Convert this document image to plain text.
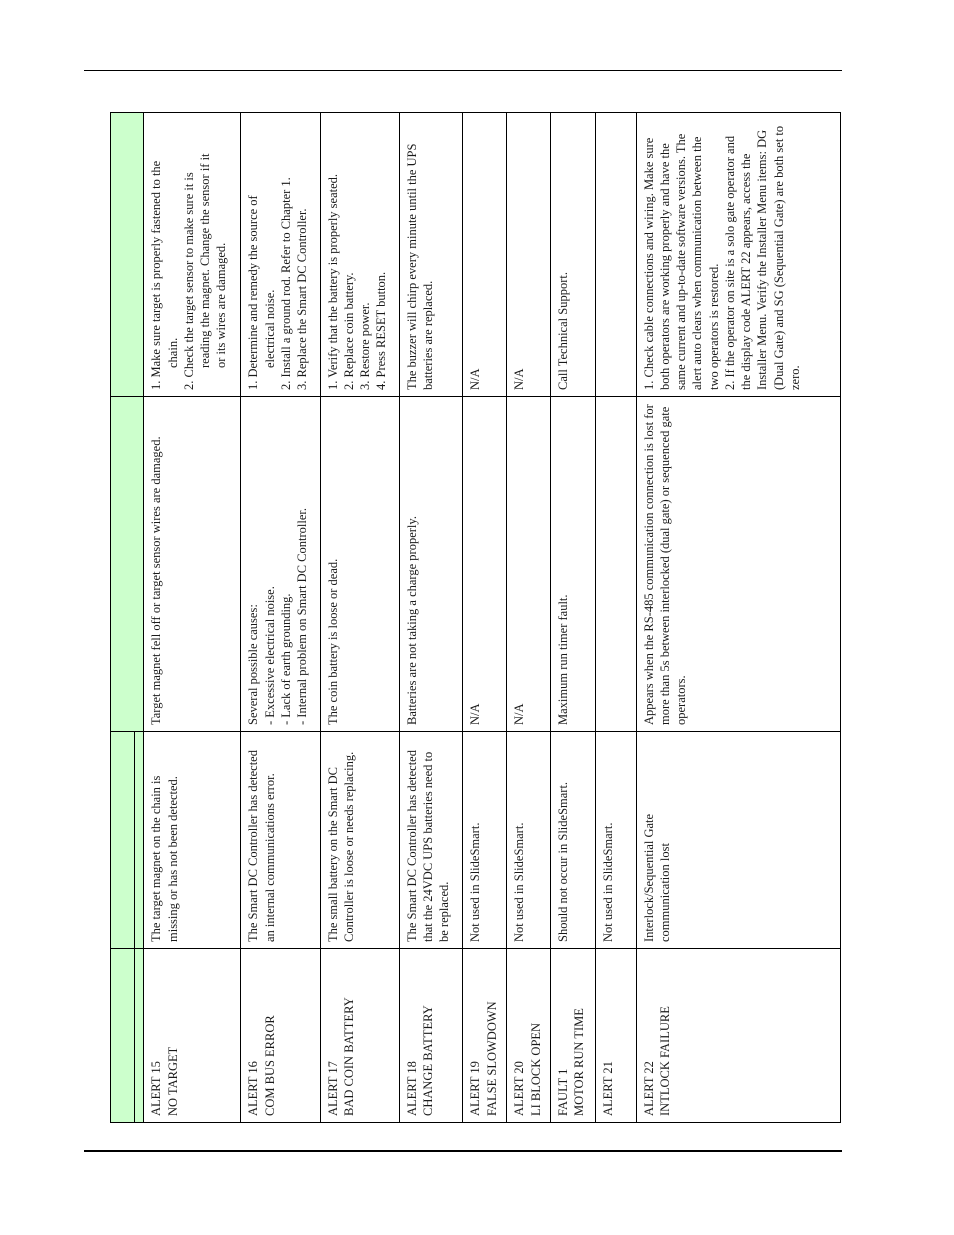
ALERT 15 NO TARGET	The target magnet on the chain is missing or has not been detected.	Target magnet fell off or target sensor wires are damaged.	1. Make sure target is properly fastened to the chain. 2. Check the target sensor to make sure it is reading the magnet. Change the sensor if it or its wires are damaged.

ALERT 16 COM BUS ERROR	The Smart DC Controller has detected an internal communications error.	Several possible causes: - Excessive electrical noise. - Lack of earth grounding. - Internal problem on Smart DC Controller.	1. Determine and remedy the source of electrical noise. 2. Install a ground rod. Refer to Chapter 1. 3. Replace the Smart DC Controller.

ALERT 17 BAD COIN BATTERY	The small battery on the Smart DC Controller is loose or needs replacing.	The coin battery is loose or dead.	1. Verify that the battery is properly seated. 2. Replace coin battery. 3. Restore power. 4. Press RESET button.

ALERT 18 CHANGE BATTERY	The Smart DC Controller has detected that the 24VDC UPS batteries need to be replaced.	Batteries are not taking a charge properly.	The buzzer will chirp every minute until the UPS batteries are replaced.

ALERT 19 FALSE SLOWDOWN	Not used in SlideSmart.	N/A	N/A

ALERT 20 LI BLOCK OPEN	Not used in SlideSmart.	N/A	N/A

FAULT 1 MOTOR RUN TIME	Should not occur in SlideSmart.	Maximum run timer fault.	Call Technical Support.

ALERT 21	Not used in SlideSmart.	

ALERT 22 INTLOCK FAILURE	Interlock/Sequential Gate communication lost	Appears when the RS-485 communication connection is lost for more than 5s between interlocked (dual gate) or sequenced gate operators.	1. Check cable connections and wiring. Make sure both operators are working properly and have the same current and up-to-date software versions. The alert auto clears when communication between the two operators is restored. 2. If the operator on site is a solo gate operator and the display code ALERT 22 appears, access the Installer Menu. Verify the Installer Menu items: DG (Dual Gate) and SG (Sequential Gate) are both set to zero.
